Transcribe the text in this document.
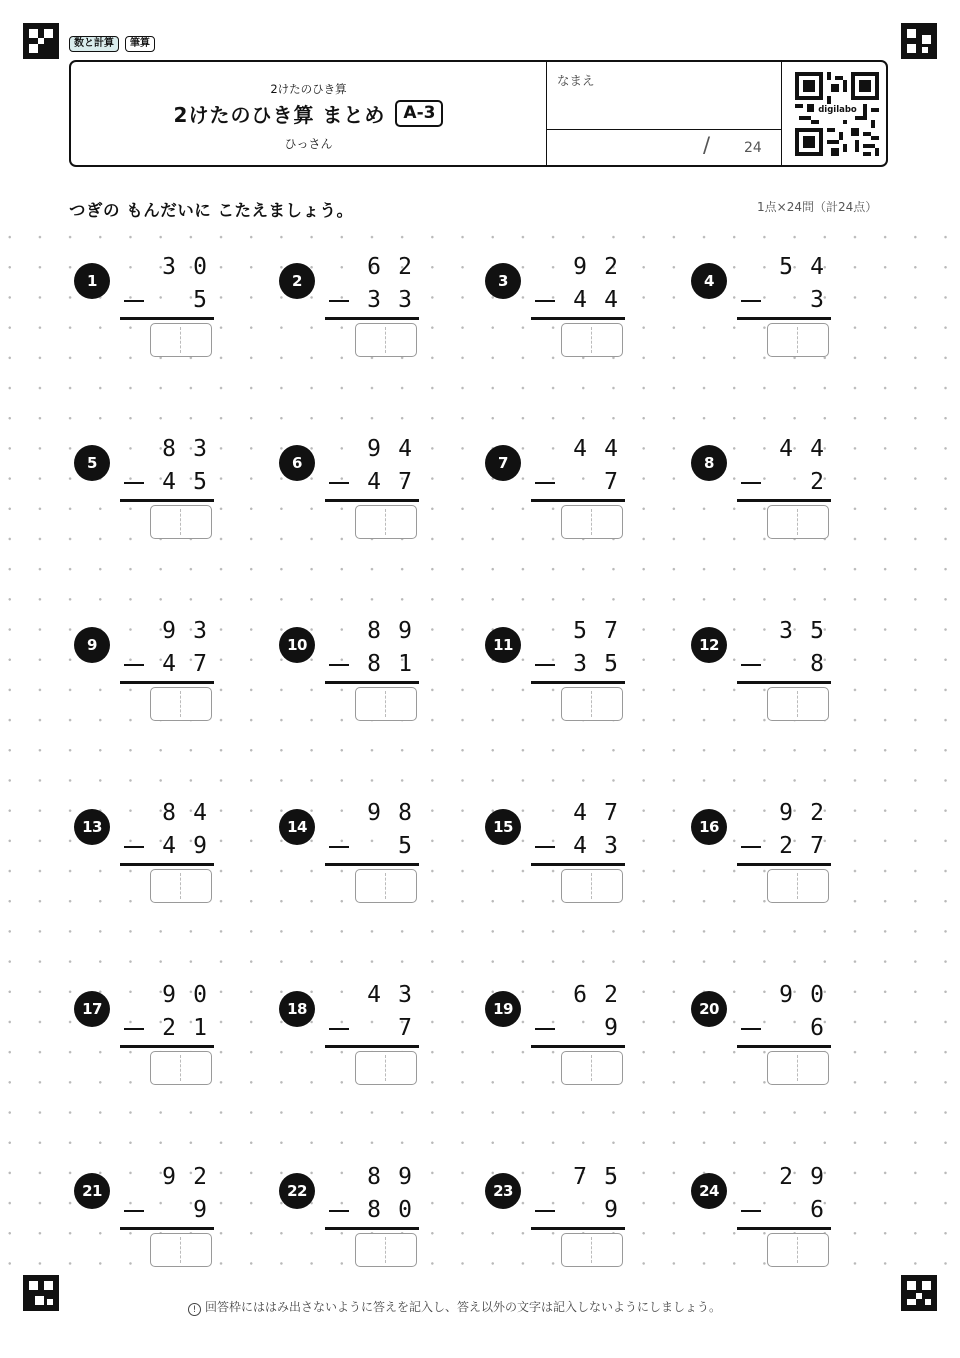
数と計算	筆算
2けたのひき算
2けたのひき算 まとめ	A-3
ひっさん
なまえ
/ 24
digilabo
つぎの もんだいに こたえましょう。	1点×24問（計24点）
1
3 0
5
2
6 2
3 3
3
9 2
4 4
4
5 4
3
5
8 3
4 5
6
9 4
4 7
7
4 4
7
8
4 4
2
9
9 3
4 7
10
8 9
8 1
11
5 7
3 5
12
3 5
8
13
8 4
4 9
14
9 8
5
15
4 7
4 3
16
9 2
2 7
17
9 0
2 1
18
4 3
7
19
6 2
9
20
9 0
6
21
9 2
9
22
8 9
8 0
23
7 5
9
24
2 9
6
! 回答枠にははみ出さないように答えを記入し、答え以外の文字は記入しないようにしましょう。
